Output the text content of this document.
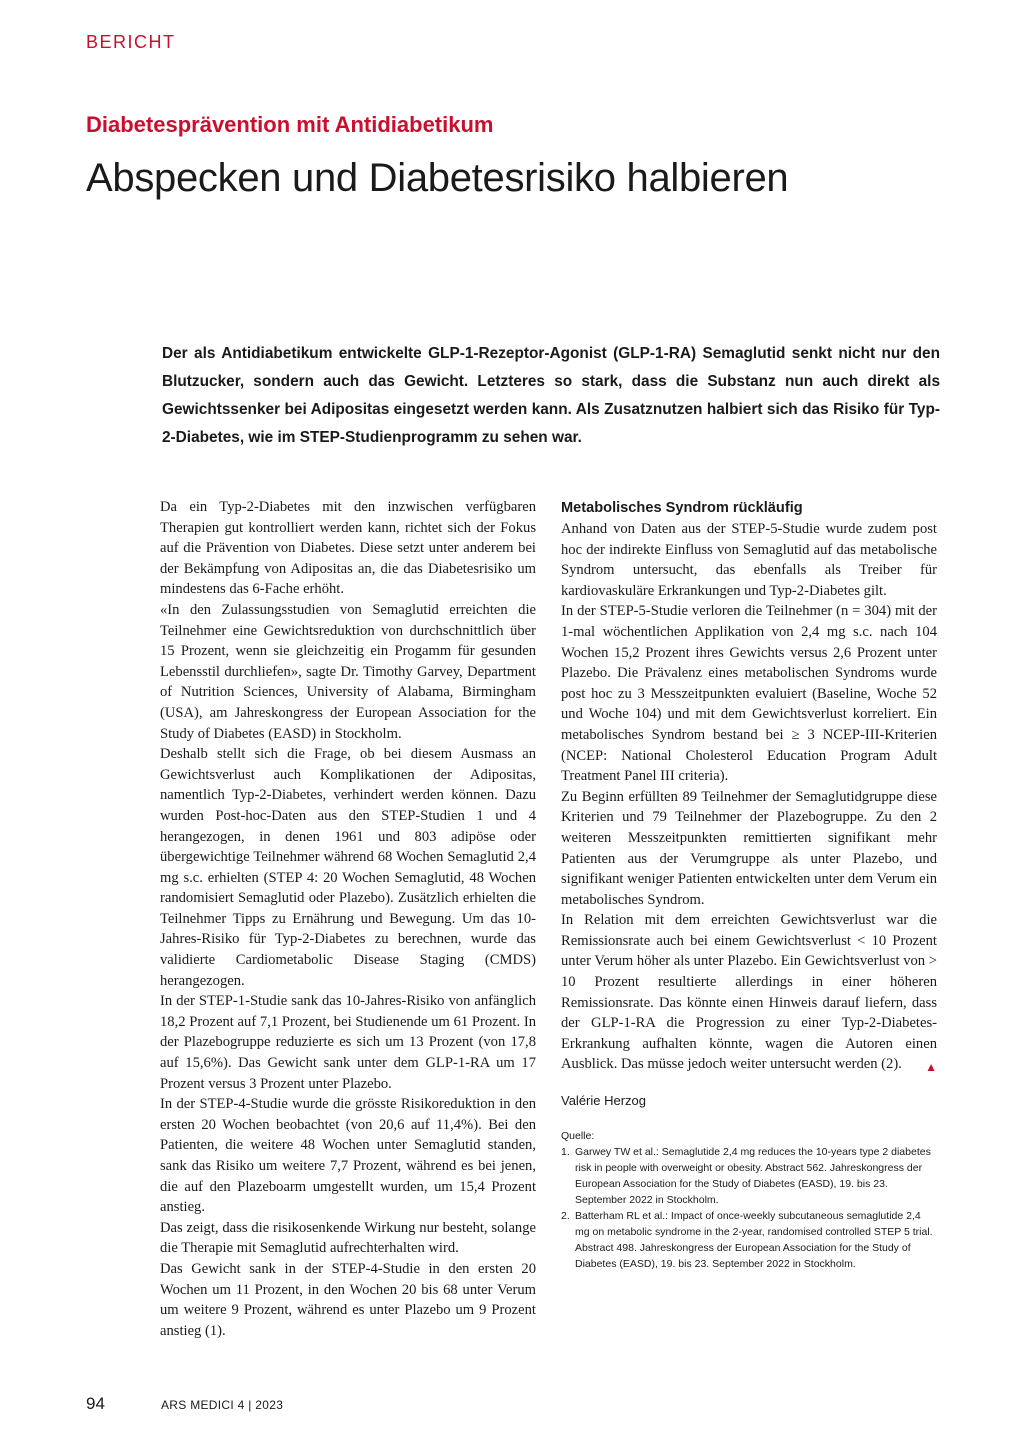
BERICHT
Diabetesprävention mit Antidiabetikum
Abspecken und Diabetesrisiko halbieren

Der als Antidiabetikum entwickelte GLP-1-Rezeptor-Agonist (GLP-1-RA) Semaglutid senkt nicht nur den Blutzucker, sondern auch das Gewicht. Letzteres so stark, dass die Substanz nun auch direkt als Gewichtssenker bei Adipositas eingesetzt werden kann. Als Zusatznutzen halbiert sich das Risiko für Typ-2-Diabetes, wie im STEP-Studienprogramm zu sehen war.

Da ein Typ-2-Diabetes mit den inzwischen verfügbaren Therapien gut kontrolliert werden kann, richtet sich der Fokus auf die Prävention von Diabetes. Diese setzt unter anderem bei der Bekämpfung von Adipositas an, die das Diabetesrisiko um mindestens das 6-Fache erhöht.

«In den Zulassungsstudien von Semaglutid erreichten die Teilnehmer eine Gewichtsreduktion von durchschnittlich über 15 Prozent, wenn sie gleichzeitig ein Progamm für gesunden Lebensstil durchliefen», sagte Dr. Timothy Garvey, Department of Nutrition Sciences, University of Alabama, Birmingham (USA), am Jahreskongress der European Association for the Study of Diabetes (EASD) in Stockholm.

Deshalb stellt sich die Frage, ob bei diesem Ausmass an Gewichtsverlust auch Komplikationen der Adipositas, namentlich Typ-2-Diabetes, verhindert werden können. Dazu wurden Post-hoc-Daten aus den STEP-Studien 1 und 4 herangezogen, in denen 1961 und 803 adipöse oder übergewichtige Teilnehmer während 68 Wochen Semaglutid 2,4 mg s.c. erhielten (STEP 4: 20 Wochen Semaglutid, 48 Wochen randomisiert Semaglutid oder Plazebo). Zusätzlich erhielten die Teilnehmer Tipps zu Ernährung und Bewegung. Um das 10-Jahres-Risiko für Typ-2-Diabetes zu berechnen, wurde das validierte Cardiometabolic Disease Staging (CMDS) herangezogen.

In der STEP-1-Studie sank das 10-Jahres-Risiko von anfänglich 18,2 Prozent auf 7,1 Prozent, bei Studienende um 61 Prozent. In der Plazebogruppe reduzierte es sich um 13 Prozent (von 17,8 auf 15,6%). Das Gewicht sank unter dem GLP-1-RA um 17 Prozent versus 3 Prozent unter Plazebo.

In der STEP-4-Studie wurde die grösste Risikoreduktion in den ersten 20 Wochen beobachtet (von 20,6 auf 11,4%). Bei den Patienten, die weitere 48 Wochen unter Semaglutid standen, sank das Risiko um weitere 7,7 Prozent, während es bei jenen, die auf den Plazeboarm umgestellt wurden, um 15,4 Prozent anstieg.

Das zeigt, dass die risikosenkende Wirkung nur besteht, solange die Therapie mit Semaglutid aufrechterhalten wird.

Das Gewicht sank in der STEP-4-Studie in den ersten 20 Wochen um 11 Prozent, in den Wochen 20 bis 68 unter Verum um weitere 9 Prozent, während es unter Plazebo um 9 Prozent anstieg (1).

Metabolisches Syndrom rückläufig

Anhand von Daten aus der STEP-5-Studie wurde zudem post hoc der indirekte Einfluss von Semaglutid auf das metabolische Syndrom untersucht, das ebenfalls als Treiber für kardiovaskuläre Erkrankungen und Typ-2-Diabetes gilt.

In der STEP-5-Studie verloren die Teilnehmer (n = 304) mit der 1-mal wöchentlichen Applikation von 2,4 mg s.c. nach 104 Wochen 15,2 Prozent ihres Gewichts versus 2,6 Prozent unter Plazebo. Die Prävalenz eines metabolischen Syndroms wurde post hoc zu 3 Messzeitpunkten evaluiert (Baseline, Woche 52 und Woche 104) und mit dem Gewichtsverlust korreliert. Ein metabolisches Syndrom bestand bei ≥ 3 NCEP-III-Kriterien (NCEP: National Cholesterol Education Program Adult Treatment Panel III criteria).

Zu Beginn erfüllten 89 Teilnehmer der Semaglutidgruppe diese Kriterien und 79 Teilnehmer der Plazebogruppe. Zu den 2 weiteren Messzeitpunkten remittierten signifikant mehr Patienten aus der Verumgruppe als unter Plazebo, und signifikant weniger Patienten entwickelten unter dem Verum ein metabolisches Syndrom.

In Relation mit dem erreichten Gewichtsverlust war die Remissionsrate auch bei einem Gewichtsverlust < 10 Prozent unter Verum höher als unter Plazebo. Ein Gewichtsverlust von > 10 Prozent resultierte allerdings in einer höheren Remissionsrate. Das könnte einen Hinweis darauf liefern, dass der GLP-1-RA die Progression zu einer Typ-2-Diabetes-Erkrankung aufhalten könnte, wagen die Autoren einen Ausblick. Das müsse jedoch weiter untersucht werden (2). ▲

Valérie Herzog

Quelle:

1. Garwey TW et al.: Semaglutide 2,4 mg reduces the 10-years type 2 diabetes risk in people with overweight or obesity. Abstract 562. Jahreskongress der European Association for the Study of Diabetes (EASD), 19. bis 23. September 2022 in Stockholm.
2. Batterham RL et al.: Impact of once-weekly subcutaneous semaglutide 2,4 mg on metabolic syndrome in the 2-year, randomised controlled STEP 5 trial. Abstract 498. Jahreskongress der European Association for the Study of Diabetes (EASD), 19. bis 23. September 2022 in Stockholm.
94	ARS MEDICI 4 | 2023
